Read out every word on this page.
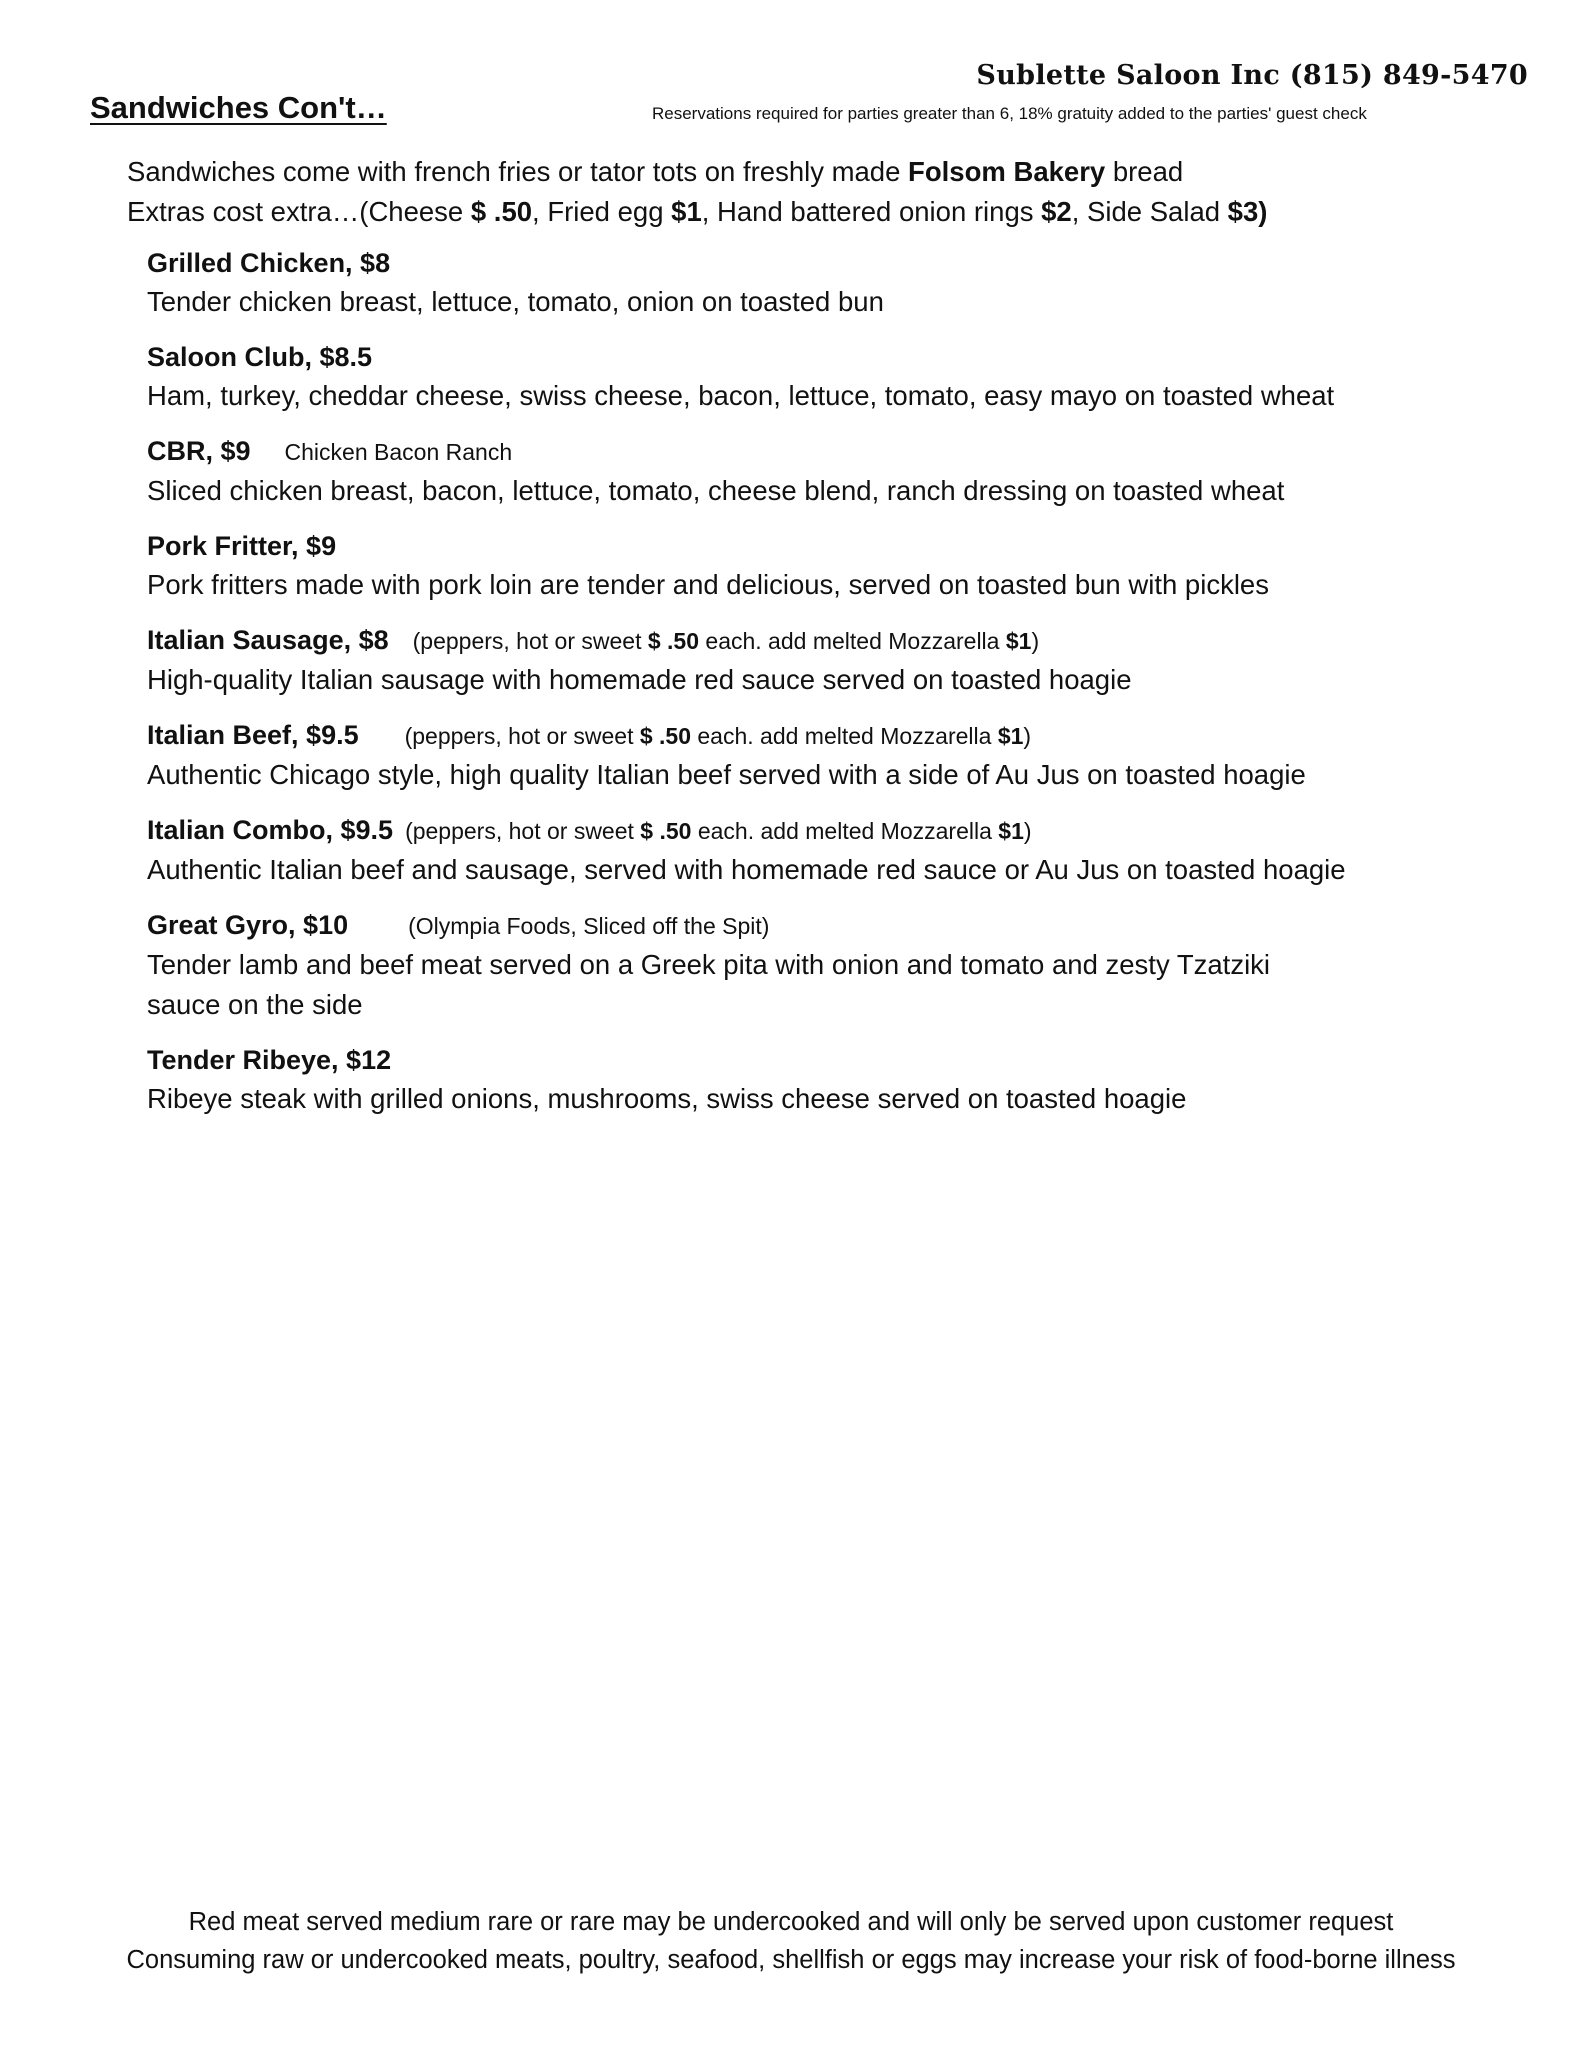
Sandwiches Con't…
Sublette Saloon Inc (815) 849-5470
Reservations required for parties greater than 6, 18% gratuity added to the parties' guest check
Sandwiches come with french fries or tator tots on freshly made Folsom Bakery bread
Extras cost extra…(Cheese $ .50, Fried egg $1, Hand battered onion rings $2, Side Salad $3)
Grilled Chicken, $8
Tender chicken breast, lettuce, tomato, onion on toasted bun
Saloon Club, $8.5
Ham, turkey, cheddar cheese, swiss cheese, bacon, lettuce, tomato, easy mayo on toasted wheat
CBR, $9 Chicken Bacon Ranch
Sliced chicken breast, bacon, lettuce, tomato, cheese blend, ranch dressing on toasted wheat
Pork Fritter, $9
Pork fritters made with pork loin are tender and delicious, served on toasted bun with pickles
Italian Sausage, $8 (peppers, hot or sweet $ .50 each. add melted Mozzarella $1)
High-quality Italian sausage with homemade red sauce served on toasted hoagie
Italian Beef, $9.5 (peppers, hot or sweet $ .50 each. add melted Mozzarella $1)
Authentic Chicago style, high quality Italian beef served with a side of Au Jus on toasted hoagie
Italian Combo, $9.5 (peppers, hot or sweet $ .50 each. add melted Mozzarella $1)
Authentic Italian beef and sausage, served with homemade red sauce or Au Jus on toasted hoagie
Great Gyro, $10	(Olympia Foods, Sliced off the Spit)
Tender lamb and beef meat served on a Greek pita with onion and tomato and zesty Tzatziki
sauce on the side
Tender Ribeye, $12
Ribeye steak with grilled onions, mushrooms, swiss cheese served on toasted hoagie
Red meat served medium rare or rare may be undercooked and will only be served upon customer request
Consuming raw or undercooked meats, poultry, seafood, shellfish or eggs may increase your risk of food-borne illness
